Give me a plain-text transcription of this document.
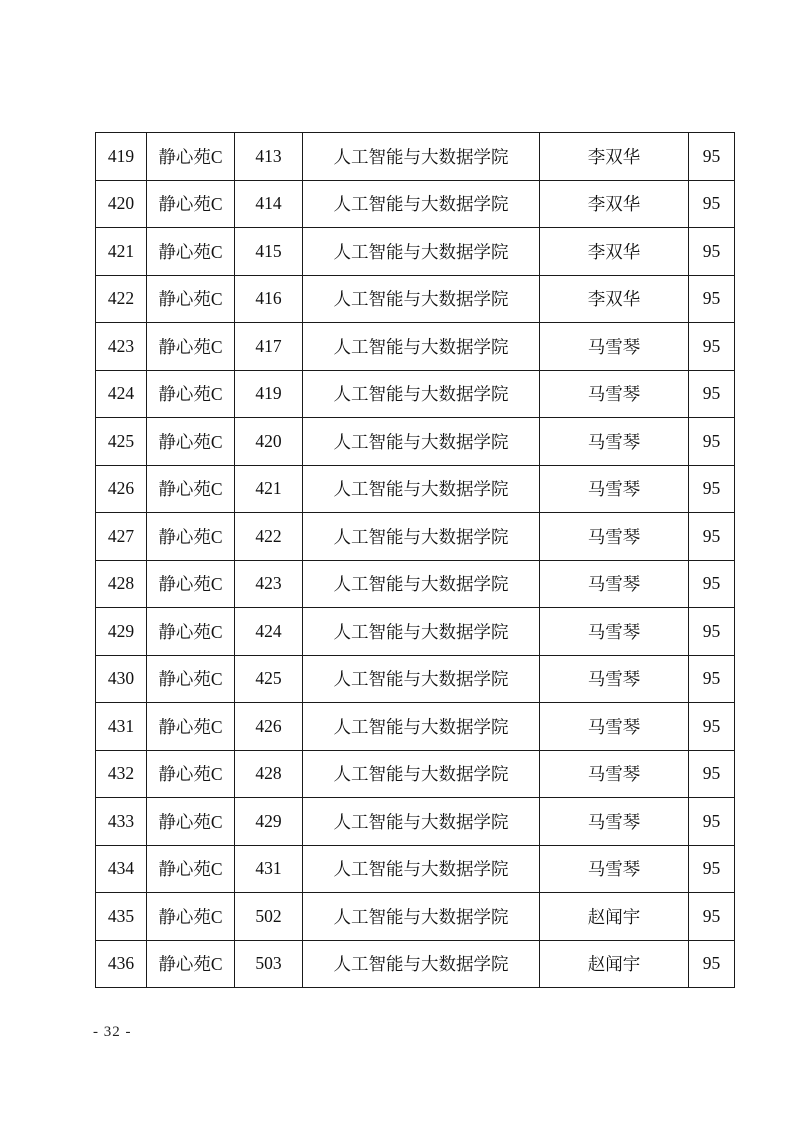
419	静心苑C	413	人工智能与大数据学院	李双华	95
420	静心苑C	414	人工智能与大数据学院	李双华	95
421	静心苑C	415	人工智能与大数据学院	李双华	95
422	静心苑C	416	人工智能与大数据学院	李双华	95
423	静心苑C	417	人工智能与大数据学院	马雪琴	95
424	静心苑C	419	人工智能与大数据学院	马雪琴	95
425	静心苑C	420	人工智能与大数据学院	马雪琴	95
426	静心苑C	421	人工智能与大数据学院	马雪琴	95
427	静心苑C	422	人工智能与大数据学院	马雪琴	95
428	静心苑C	423	人工智能与大数据学院	马雪琴	95
429	静心苑C	424	人工智能与大数据学院	马雪琴	95
430	静心苑C	425	人工智能与大数据学院	马雪琴	95
431	静心苑C	426	人工智能与大数据学院	马雪琴	95
432	静心苑C	428	人工智能与大数据学院	马雪琴	95
433	静心苑C	429	人工智能与大数据学院	马雪琴	95
434	静心苑C	431	人工智能与大数据学院	马雪琴	95
435	静心苑C	502	人工智能与大数据学院	赵闻宇	95
436	静心苑C	503	人工智能与大数据学院	赵闻宇	95
- 32 -
